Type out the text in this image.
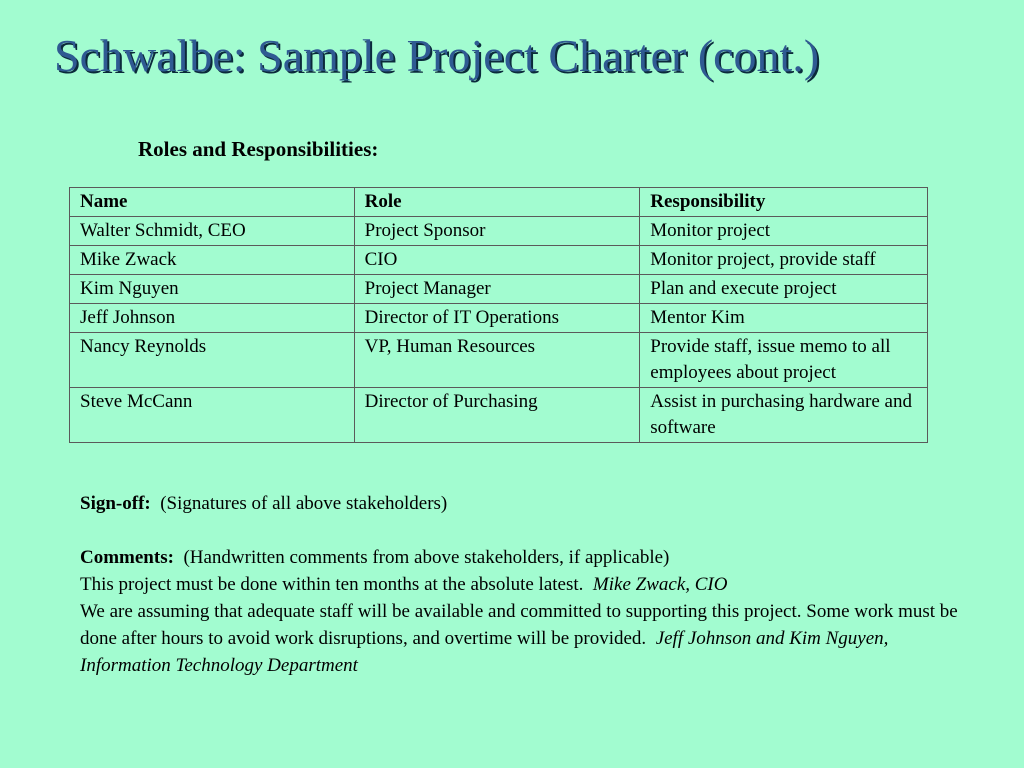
Schwalbe: Sample Project Charter (cont.)
Roles and Responsibilities:
Name	Role	Responsibility
Walter Schmidt, CEO	Project Sponsor	Monitor project
Mike Zwack	CIO	Monitor project, provide staff
Kim Nguyen	Project Manager	Plan and execute project
Jeff Johnson	Director of IT Operations	Mentor Kim
Nancy Reynolds	VP, Human Resources	Provide staff, issue memo to all employees about project
Steve McCann	Director of Purchasing	Assist in purchasing hardware and software

Sign-off: (Signatures of all above stakeholders)

Comments: (Handwritten comments from above stakeholders, if applicable)

This project must be done within ten months at the absolute latest. Mike Zwack, CIO

We are assuming that adequate staff will be available and committed to supporting this project. Some work must be done after hours to avoid work disruptions, and overtime will be provided. Jeff Johnson and Kim Nguyen, Information Technology Department
